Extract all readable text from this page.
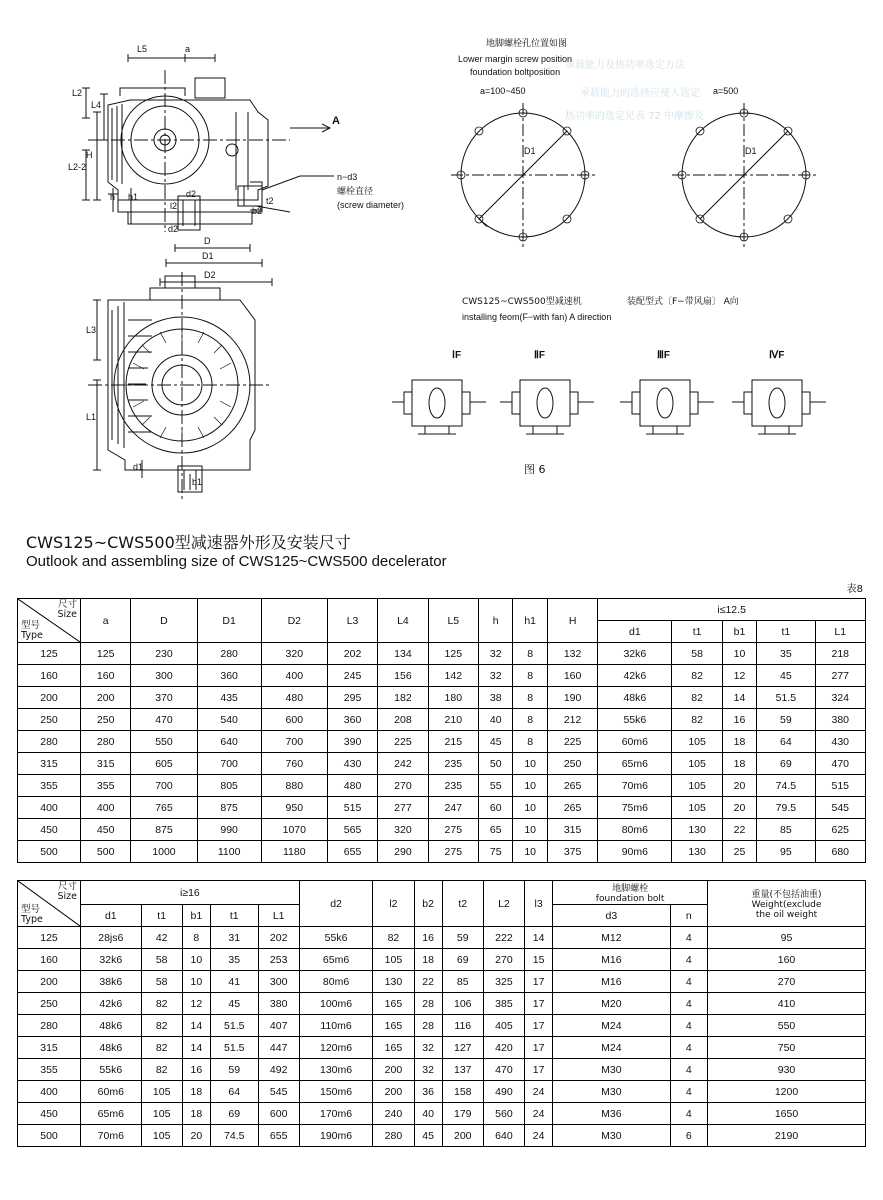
二、承载能力及热功率选定方法
承载能力的选择应使人选定
热功率的选定见表 72 中摩擦及
L5	a
L2
L4
H
L2-2
h h1	d2
l2	b2
t2
d2
D
D1
D2
A
n−d3
螺栓直径
(screw diameter)
L3
L1
d1
b1
地脚螺栓孔位置如图
Lower margin screw position
foundation boltposition
a=100~450	a=500
D1	D1
CWS125~CWS500型减速机	装配型式〔F−带风扇〕 A向
installing feom(F−with fan) A direction
ⅠF	ⅡF	ⅢF	ⅣF
图 6
CWS125~CWS500型减速器外形及安装尺寸
Outlook and assembling size of CWS125~CWS500 decelerator
表8
尺寸
Size
型号
Type	a	D	D1	D2	L3	L4	L5	h	h1	H	i≤12.5				
											d1	t1	b1	t1	L1
125	125	230	280	320	202	134	125	32	8	132	32k6	58	10	35	218
160	160	300	360	400	245	156	142	32	8	160	42k6	82	12	45	277
200	200	370	435	480	295	182	180	38	8	190	48k6	82	14	51.5	324
250	250	470	540	600	360	208	210	40	8	212	55k6	82	16	59	380
280	280	550	640	700	390	225	215	45	8	225	60m6	105	18	64	430
315	315	605	700	760	430	242	235	50	10	250	65m6	105	18	69	470
355	355	700	805	880	480	270	235	55	10	265	70m6	105	20	74.5	515
400	400	765	875	950	515	277	247	60	10	265	75m6	105	20	79.5	545
450	450	875	990	1070	565	320	275	65	10	315	80m6	130	22	85	625
500	500	1000	1100	1180	655	290	275	75	10	375	90m6	130	25	95	680
尺寸
Size
型号
Type
	i≥16	d2	l2	b2	t2	L2	l3	地脚螺栓
foundation bolt	重量(不包括油重)
Weight(exclude
the oil weight
	d1	t1	b1	t1	L1							d3	n	
125	28js6	42	8	31	202	55k6	82	16	59	222	14	M12	4	95
160	32k6	58	10	35	253	65m6	105	18	69	270	15	M16	4	160
200	38k6	58	10	41	300	80m6	130	22	85	325	17	M16	4	270
250	42k6	82	12	45	380	100m6	165	28	106	385	17	M20	4	410
280	48k6	82	14	51.5	407	110m6	165	28	116	405	17	M24	4	550
315	48k6	82	14	51.5	447	120m6	165	32	127	420	17	M24	4	750
355	55k6	82	16	59	492	130m6	200	32	137	470	17	M30	4	930
400	60m6	105	18	64	545	150m6	200	36	158	490	24	M30	4	1200
450	65m6	105	18	69	600	170m6	240	40	179	560	24	M36	4	1650
500	70m6	105	20	74.5	655	190m6	280	45	200	640	24	M30	6	2190
